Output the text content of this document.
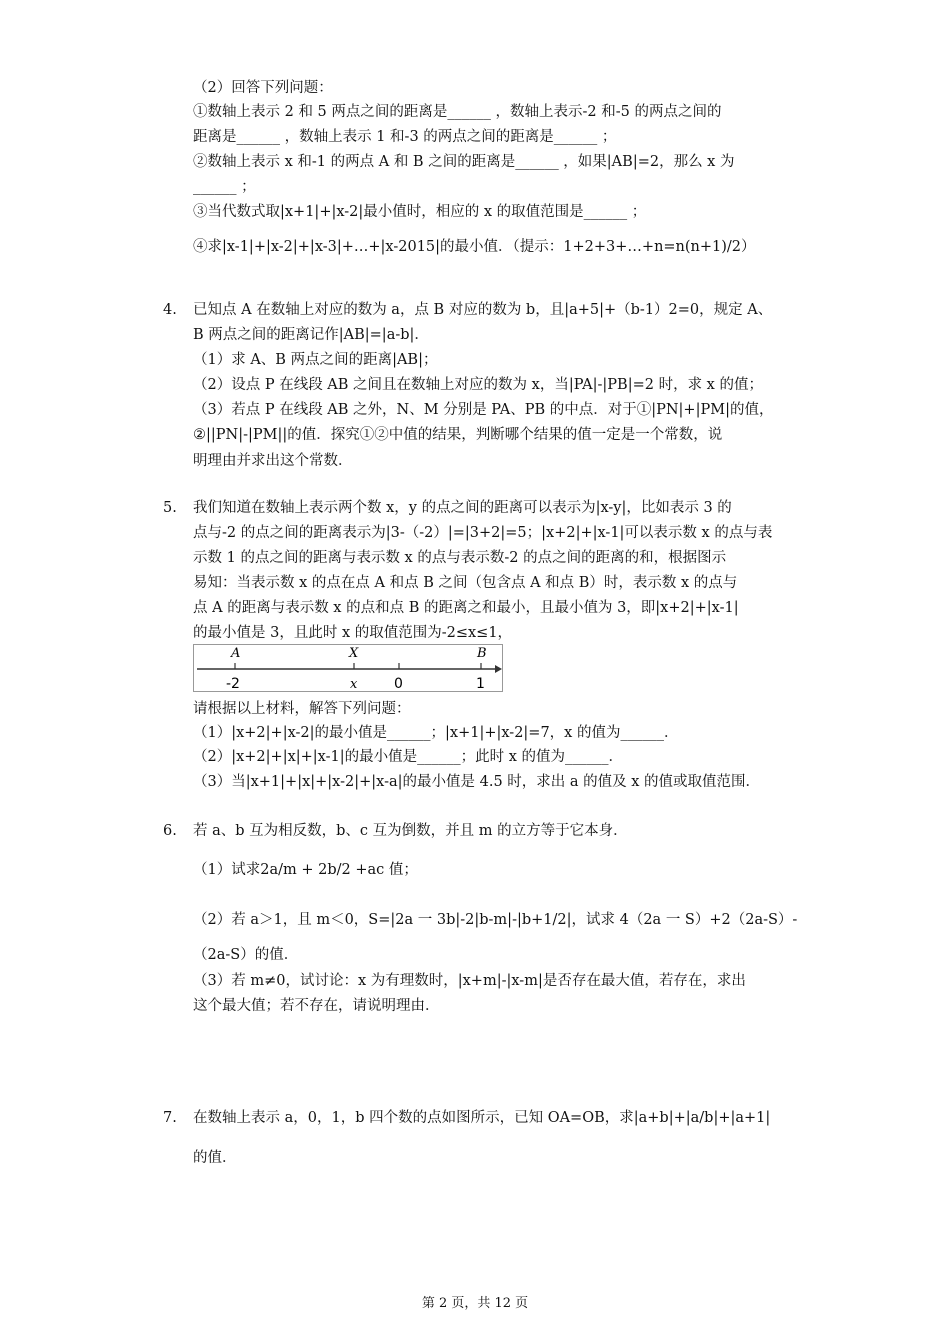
（2）回答下列问题：
①数轴上表示 2 和 5 两点之间的距离是______ ，数轴上表示-2 和-5 的两点之间的
距离是______ ，数轴上表示 1 和-3 的两点之间的距离是______ ；
②数轴上表示 x 和-1 的两点 A 和 B 之间的距离是______ ，如果|AB|=2，那么 x 为
______ ；
③当代数式取|x+1|+|x-2|最小值时，相应的 x 的取值范围是______ ；
④求|x-1|+|x-2|+|x-3|+…+|x-2015|的最小值．（提示：1+2+3+…+n=n(n+1)/2）
4. 已知点 A 在数轴上对应的数为 a，点 B 对应的数为 b，且|a+5|+（b-1）2=0，规定 A、
B 两点之间的距离记作|AB|=|a-b|．
（1）求 A、B 两点之间的距离|AB|；
（2）设点 P 在线段 AB 之间且在数轴上对应的数为 x，当|PA|-|PB|=2 时，求 x 的值；
（3）若点 P 在线段 AB 之外，N、M 分别是 PA、PB 的中点．对于①|PN|+|PM|的值，
②||PN|-|PM||的值．探究①②中值的结果，判断哪个结果的值一定是一个常数，说
明理由并求出这个常数．
5. 我们知道在数轴上表示两个数 x，y 的点之间的距离可以表示为|x-y|，比如表示 3 的
点与-2 的点之间的距离表示为|3-（-2）|=|3+2|=5；|x+2|+|x-1|可以表示数 x 的点与表
示数 1 的点之间的距离与表示数 x 的点与表示数-2 的点之间的距离的和，根据图示
易知：当表示数 x 的点在点 A 和点 B 之间（包含点 A 和点 B）时，表示数 x 的点与
点 A 的距离与表示数 x 的点和点 B 的距离之和最小，且最小值为 3，即|x+2|+|x-1|
的最小值是 3，且此时 x 的取值范围为-2≤x≤1，
A	X	B
-2	x	0	1
请根据以上材料，解答下列问题：
（1）|x+2|+|x-2|的最小值是______；|x+1|+|x-2|=7，x 的值为______．
（2）|x+2|+|x|+|x-1|的最小值是______；此时 x 的值为______．
（3）当|x+1|+|x|+|x-2|+|x-a|的最小值是 4.5 时，求出 a 的值及 x 的值或取值范围．
6. 若 a、b 互为相反数，b、c 互为倒数，并且 m 的立方等于它本身．
（1）试求2a/m + 2b/2 +ac 值；
（2）若 a＞1，且 m＜0，S=|2a 一 3b|-2|b-m|-|b+1/2|，试求 4（2a 一 S）+2（2a-S）-
（2a-S）的值．
（3）若 m≠0，试讨论：x 为有理数时，|x+m|-|x-m|是否存在最大值，若存在，求出
这个最大值；若不存在，请说明理由．
7. 在数轴上表示 a，0，1，b 四个数的点如图所示，已知 OA=OB，求|a+b|+|a/b|+|a+1|
的值．
第 2 页，共 12 页
